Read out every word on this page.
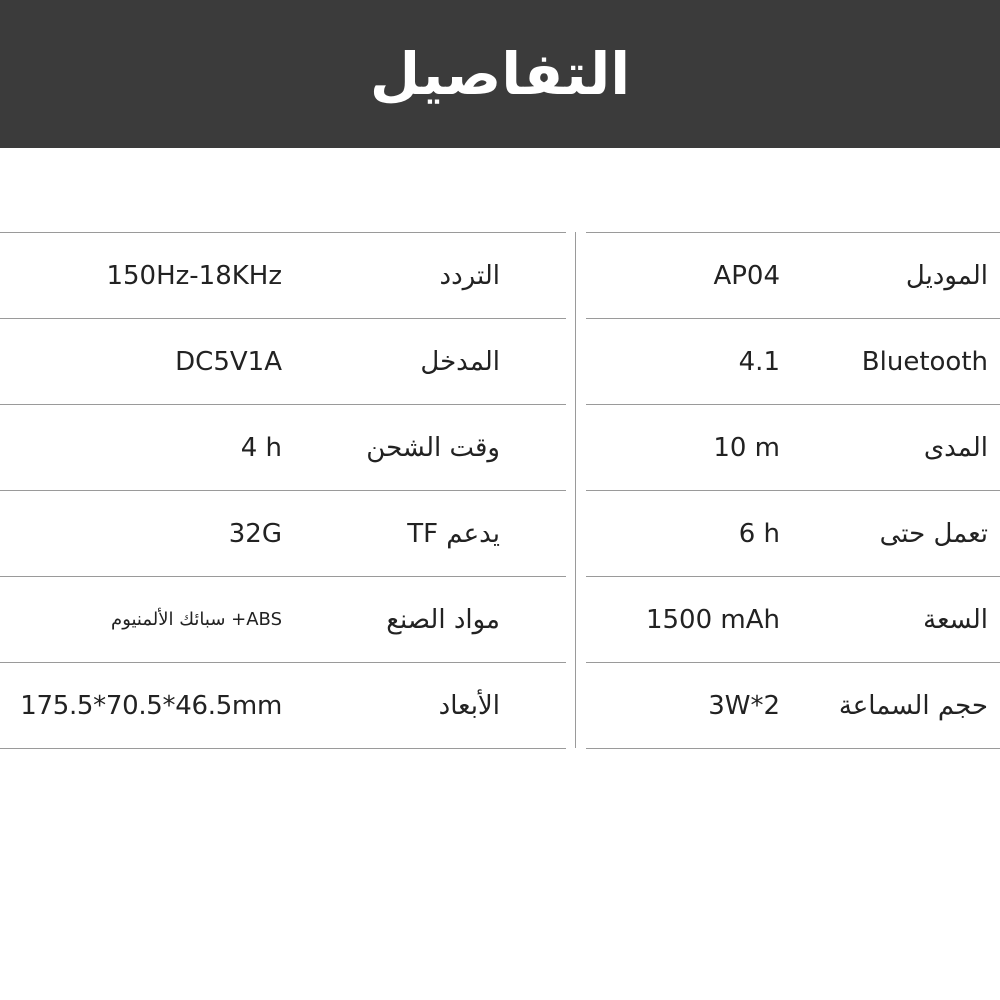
التفاصيل
التردد
150Hz-18KHz
المدخل
DC5V1A
وقت الشحن
4 h
يدعم TF
32G
مواد الصنع
ABS+ سبائك الألمنيوم
الأبعاد
175.5*70.5*46.5mm
الموديل
AP04
Bluetooth
4.1
المدى
10 m
تعمل حتى
6 h
السعة
1500 mAh
حجم السماعة
3W*2
